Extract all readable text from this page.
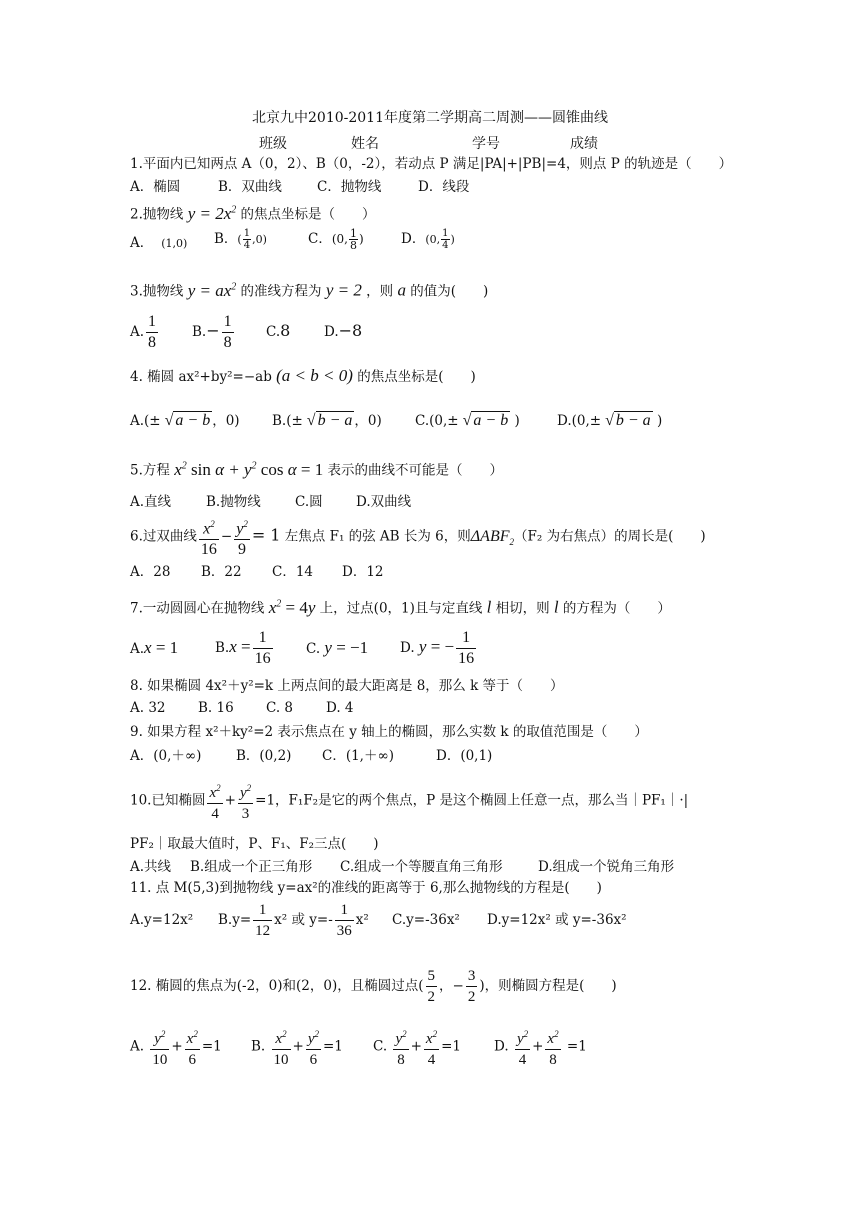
北京九中2010-2011年度第二学期高二周测——圆锥曲线
班级	姓名	学号	成绩
1.平面内已知两点 A（0，2）、B（0，-2），若动点 P 满足|PA|+|PB|=4，则点 P 的轨迹是（　　）
A．椭圆	B．双曲线	C．抛物线	D．线段
2.抛物线 $y = 2x^2$ 的焦点坐标是（　　）
A． (1,0) B．( $\frac{1}{4} ,0$)	C．(0, $\frac{1}{8}$ )	D．(0, $\frac{1}{4}$ )
3.抛物线 $y = ax^2$ 的准线方程为 y = 2 ，则 a 的值为(　　)
A. $\frac{1}{8}$	$B.- \frac{1}{8} C.8$ D.−8
4. 椭圆 ax²+by²=−ab (a < b < 0) 的焦点坐标是(　　)
A.(± √ a − b ，0) B.(± √ b − a ，0) C.(0,± √ a − b )	D.(0,± √ b − a )
5.方程 $x^2$ $\sin \alpha + y^2$ cos α = 1 表示的曲线不可能是（　　）
A.直线	B.抛物线	C.圆 D.双曲线
6.过双曲线 $\frac{x^2}{16} - \frac{y^2}{9} = 1$ 左焦点 F₁ 的弦 AB 长为 6，则$\Delta ABF_2(F_2$ 为右焦点）的周长是(　　)
A．28 B．22 C．14 D．12
7.一动圆圆心在抛物线 $x^2 = 4y$ 上，过点(0，1)且与定直线 l 相切，则 l 的方程为（　　）
A.x = 1	$B.x = \frac{1}{16} C$. y = −1 D. y = − $\frac{1}{16}$
8. 如果椭圆 4x²＋y²=k 上两点间的最大距离是 8，那么 k 等于（　　）
A. 32 B. 16 C. 8 D. 4
9. 如果方程 x²＋ky²=2 表示焦点在 y 轴上的椭圆，那么实数 k 的取值范围是（　　）
A．(0,＋∞)	B．(0,2) C．(1,＋∞)	D．(0,1)
10.已知椭圆 $\frac{x^2}{4} + \frac{y^2}{3} =1$，F₁F₂是它的两个焦点，P 是这个椭圆上任意一点，那么当｜PF₁｜·|
PF₂｜取最大值时，P、F₁、F₂三点(　　)
A.共线 B.组成一个正三角形 C.组成一个等腰直角三角形	D.组成一个锐角三角形
11. 点 M(5,3)到抛物线 y=ax²的准线的距离等于 6,那么抛物线的方程是(　　)
A.y=12x² $B.y= \frac{1}{12} x^2$ 或 $y=- \frac{1}{36} x^2$ C.y=-36x² D.y=12x² 或 y=-36x²
12. 椭圆的焦点为(-2，0)和(2，0)，且椭圆过点( $\frac{5}{2}$ ，− $\frac{3}{2}$ )，则椭圆方程是(　　)
A. $\frac{y^2}{10} + \frac{x^2}{6} =1$ B. $\frac{x^2}{10} + \frac{y^2}{6} =1$ C. $\frac{y^2}{8} + \frac{x^2}{4} =1$ D. $\frac{y^2}{4} + \frac{x^2}{8} =1$
